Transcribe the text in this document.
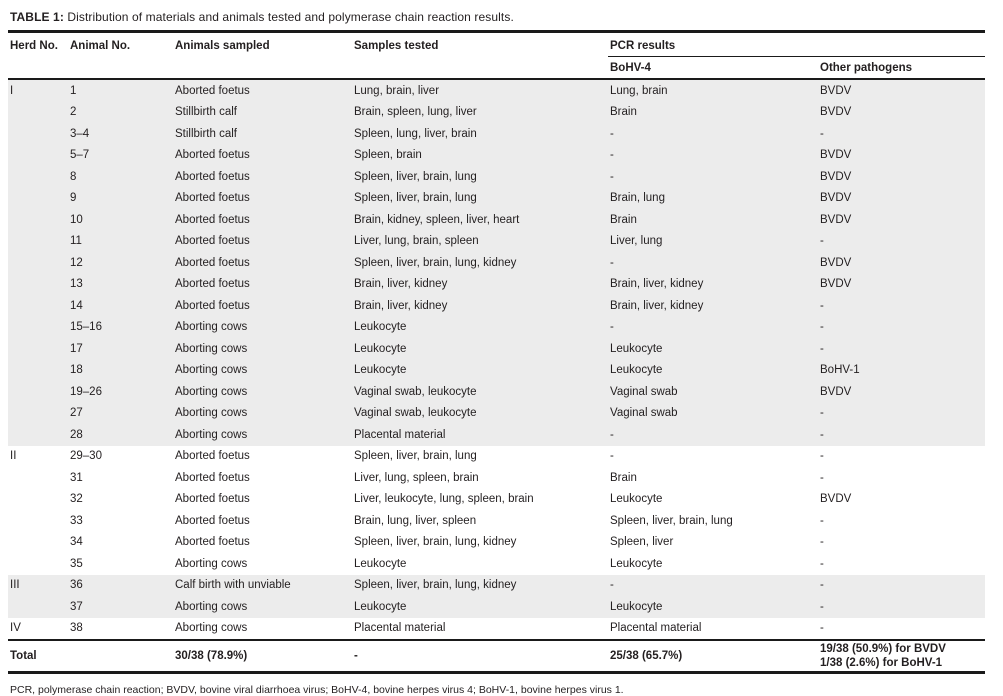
TABLE 1: Distribution of materials and animals tested and polymerase chain reaction results.
Herd No.	Animal No.	Animals sampled	Samples tested	PCR results	
				BoHV-4	Other pathogens
I	1	Aborted foetus	Lung, brain, liver	Lung, brain	BVDV
	2	Stillbirth calf	Brain, spleen, lung, liver	Brain	BVDV
	3–4	Stillbirth calf	Spleen, lung, liver, brain	-	-
	5–7	Aborted foetus	Spleen, brain	-	BVDV
	8	Aborted foetus	Spleen, liver, brain, lung	-	BVDV
	9	Aborted foetus	Spleen, liver, brain, lung	Brain, lung	BVDV
	10	Aborted foetus	Brain, kidney, spleen, liver, heart	Brain	BVDV
	11	Aborted foetus	Liver, lung, brain, spleen	Liver, lung	-
	12	Aborted foetus	Spleen, liver, brain, lung, kidney	-	BVDV
	13	Aborted foetus	Brain, liver, kidney	Brain, liver, kidney	BVDV
	14	Aborted foetus	Brain, liver, kidney	Brain, liver, kidney	-
	15–16	Aborting cows	Leukocyte	-	-
	17	Aborting cows	Leukocyte	Leukocyte	-
	18	Aborting cows	Leukocyte	Leukocyte	BoHV-1
	19–26	Aborting cows	Vaginal swab, leukocyte	Vaginal swab	BVDV
	27	Aborting cows	Vaginal swab, leukocyte	Vaginal swab	-
	28	Aborting cows	Placental material	-	-
II	29–30	Aborted foetus	Spleen, liver, brain, lung	-	-
	31	Aborted foetus	Liver, lung, spleen, brain	Brain	-
	32	Aborted foetus	Liver, leukocyte, lung, spleen, brain	Leukocyte	BVDV
	33	Aborted foetus	Brain, lung, liver, spleen	Spleen, liver, brain, lung	-
	34	Aborted foetus	Spleen, liver, brain, lung, kidney	Spleen, liver	-
	35	Aborting cows	Leukocyte	Leukocyte	-
III	36	Calf birth with unviable	Spleen, liver, brain, lung, kidney	-	-
	37	Aborting cows	Leukocyte	Leukocyte	-
IV	38	Aborting cows	Placental material	Placental material	-
Total		30/38 (78.9%)	-	25/38 (65.7%)	19/38 (50.9%) for BVDV
1/38 (2.6%) for BoHV-1
PCR, polymerase chain reaction; BVDV, bovine viral diarrhoea virus; BoHV-4, bovine herpes virus 4; BoHV-1, bovine herpes virus 1.
